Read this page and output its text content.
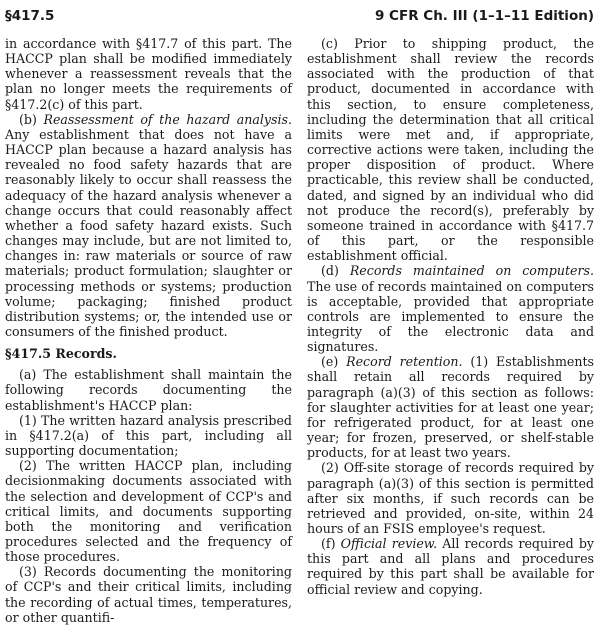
§417.5	9 CFR Ch. III (1–1–11 Edition)

in accordance with §417.7 of this part. The HACCP plan shall be modified immediately whenever a reassessment reveals that the plan no longer meets the requirements of §417.2(c) of this part.

(b) Reassessment of the hazard analysis. Any establishment that does not have a HACCP plan because a hazard analysis has revealed no food safety hazards that are reasonably likely to occur shall reassess the adequacy of the hazard analysis whenever a change occurs that could reasonably affect whether a food safety hazard exists. Such changes may include, but are not limited to, changes in: raw materials or source of raw materials; product formulation; slaughter or processing methods or systems; production volume; packaging; finished product distribution systems; or, the intended use or consumers of the finished product.

§417.5 Records.

(a) The establishment shall maintain the following records documenting the establishment's HACCP plan:

(1) The written hazard analysis prescribed in §417.2(a) of this part, including all supporting documentation;

(2) The written HACCP plan, including decisionmaking documents associated with the selection and development of CCP's and critical limits, and documents supporting both the monitoring and verification procedures selected and the frequency of those procedures.

(3) Records documenting the monitoring of CCP's and their critical limits, including the recording of actual times, temperatures, or other quantifi-

(c) Prior to shipping product, the establishment shall review the records associated with the production of that product, documented in accordance with this section, to ensure completeness, including the determination that all critical limits were met and, if appropriate, corrective actions were taken, including the proper disposition of product. Where practicable, this review shall be conducted, dated, and signed by an individual who did not produce the record(s), preferably by someone trained in accordance with §417.7 of this part, or the responsible establishment official.

(d) Records maintained on computers. The use of records maintained on computers is acceptable, provided that appropriate controls are implemented to ensure the integrity of the electronic data and signatures.

(e) Record retention. (1) Establishments shall retain all records required by paragraph (a)(3) of this section as follows: for slaughter activities for at least one year; for refrigerated product, for at least one year; for frozen, preserved, or shelf-stable products, for at least two years.

(2) Off-site storage of records required by paragraph (a)(3) of this section is permitted after six months, if such records can be retrieved and provided, on-site, within 24 hours of an FSIS employee's request.

(f) Official review. All records required by this part and all plans and procedures required by this part shall be available for official review and copying.
